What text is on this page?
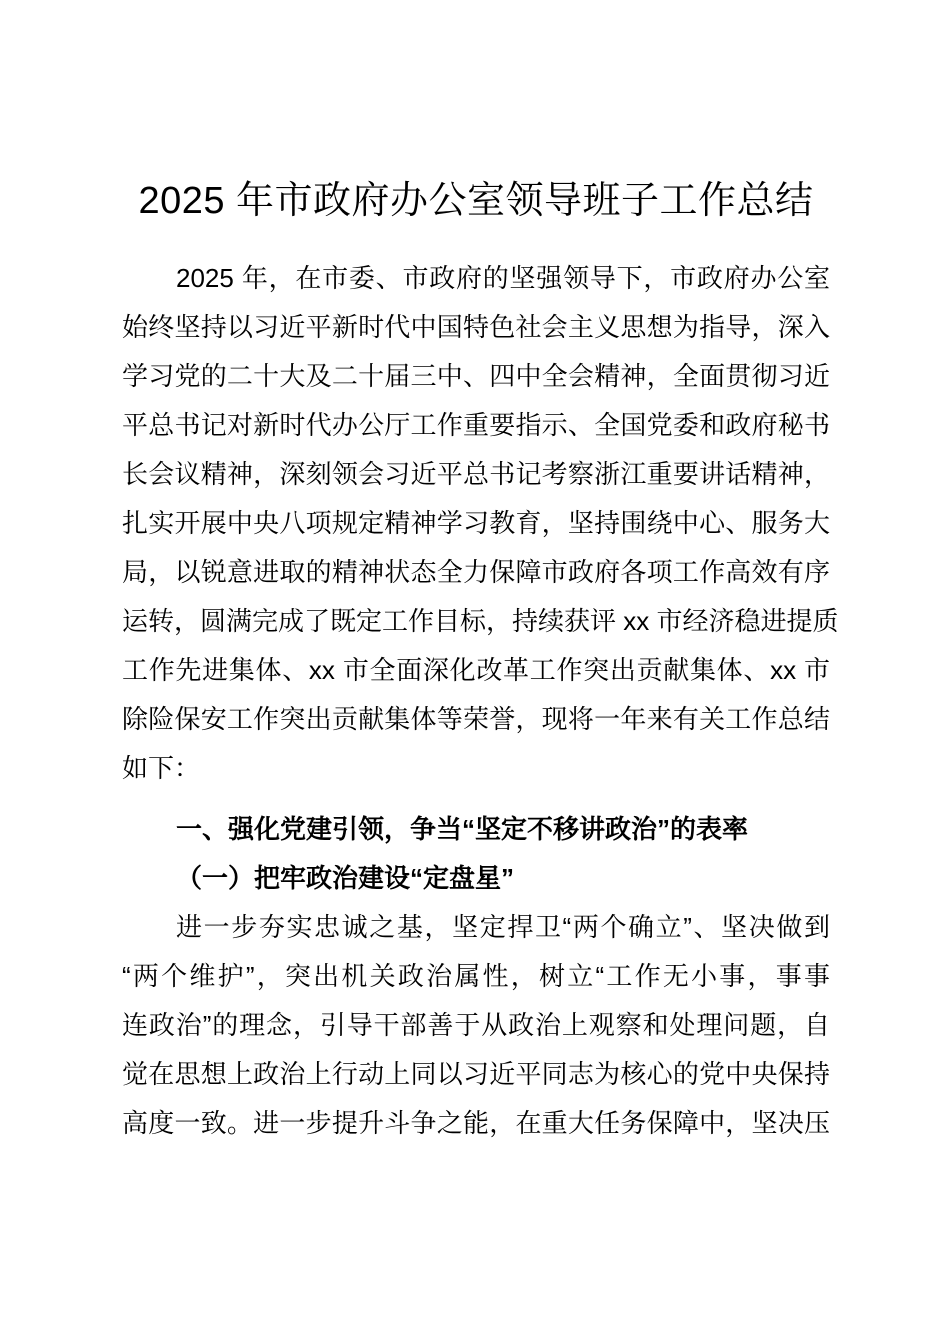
2025 年市政府办公室领导班子工作总结
2025 年，在市委、市政府的坚强领导下，市政府办公室
始终坚持以习近平新时代中国特色社会主义思想为指导，深入
学习党的二十大及二十届三中、四中全会精神，全面贯彻习近
平总书记对新时代办公厅工作重要指示、全国党委和政府秘书
长会议精神，深刻领会习近平总书记考察浙江重要讲话精神，
扎实开展中央八项规定精神学习教育，坚持围绕中心、服务大
局，以锐意进取的精神状态全力保障市政府各项工作高效有序
运转，圆满完成了既定工作目标，持续获评 xx 市经济稳进提质
工作先进集体、xx 市全面深化改革工作突出贡献集体、xx 市
除险保安工作突出贡献集体等荣誉，现将一年来有关工作总结
如下：
一、强化党建引领，争当“坚定不移讲政治”的表率
（一）把牢政治建设“定盘星”
进一步夯实忠诚之基，坚定捍卫“两个确立”、坚决做到
“两个维护”，突出机关政治属性，树立“工作无小事，事事
连政治”的理念，引导干部善于从政治上观察和处理问题，自
觉在思想上政治上行动上同以习近平同志为核心的党中央保持
高度一致。进一步提升斗争之能，在重大任务保障中，坚决压
